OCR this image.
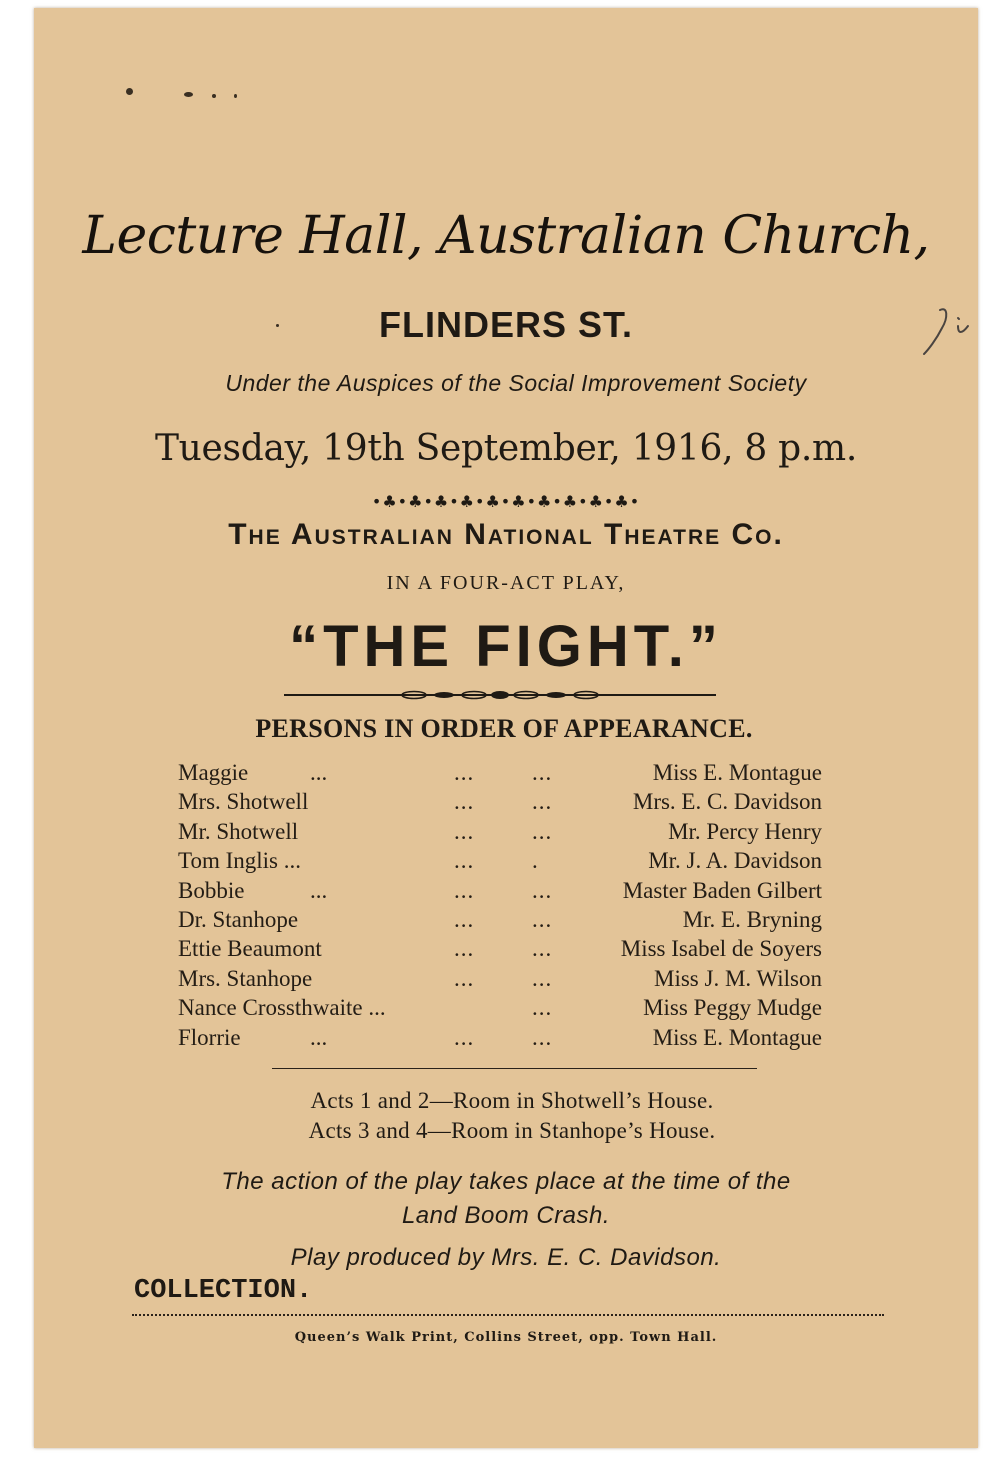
Lecture Hall, Australian Church,
FLINDERS ST.
Under the Auspices of the Social Improvement Society
Tuesday, 19th September, 1916, 8 p.m.
•♣•♣•♣•♣•♣•♣•♣•♣•♣•♣•
The Australian National Theatre Co.
IN A FOUR-ACT PLAY,
“THE FIGHT.”
PERSONS IN ORDER OF APPEARANCE.
Maggie	...	...	...	Miss E. Montague
Mrs. Shotwell	...	...	Mrs. E. C. Davidson
Mr. Shotwell	...	...	Mr. Percy Henry
Tom Inglis ...	...	.	Mr. J. A. Davidson
Bobbie	...	...	...	Master Baden Gilbert
Dr. Stanhope	...	...	Mr. E. Bryning
Ettie Beaumont	...	...	Miss Isabel de Soyers
Mrs. Stanhope	...	...	Miss J. M. Wilson
Nance Crossthwaite ...	...	Miss Peggy Mudge
Florrie	...	...	...	Miss E. Montague
Acts 1 and 2—Room in Shotwell’s House.
Acts 3 and 4—Room in Stanhope’s House.
The action of the play takes place at the time of the
Land Boom Crash.
Play produced by Mrs. E. C. Davidson.
COLLECTION.
Queen’s Walk Print, Collins Street, opp. Town Hall.
